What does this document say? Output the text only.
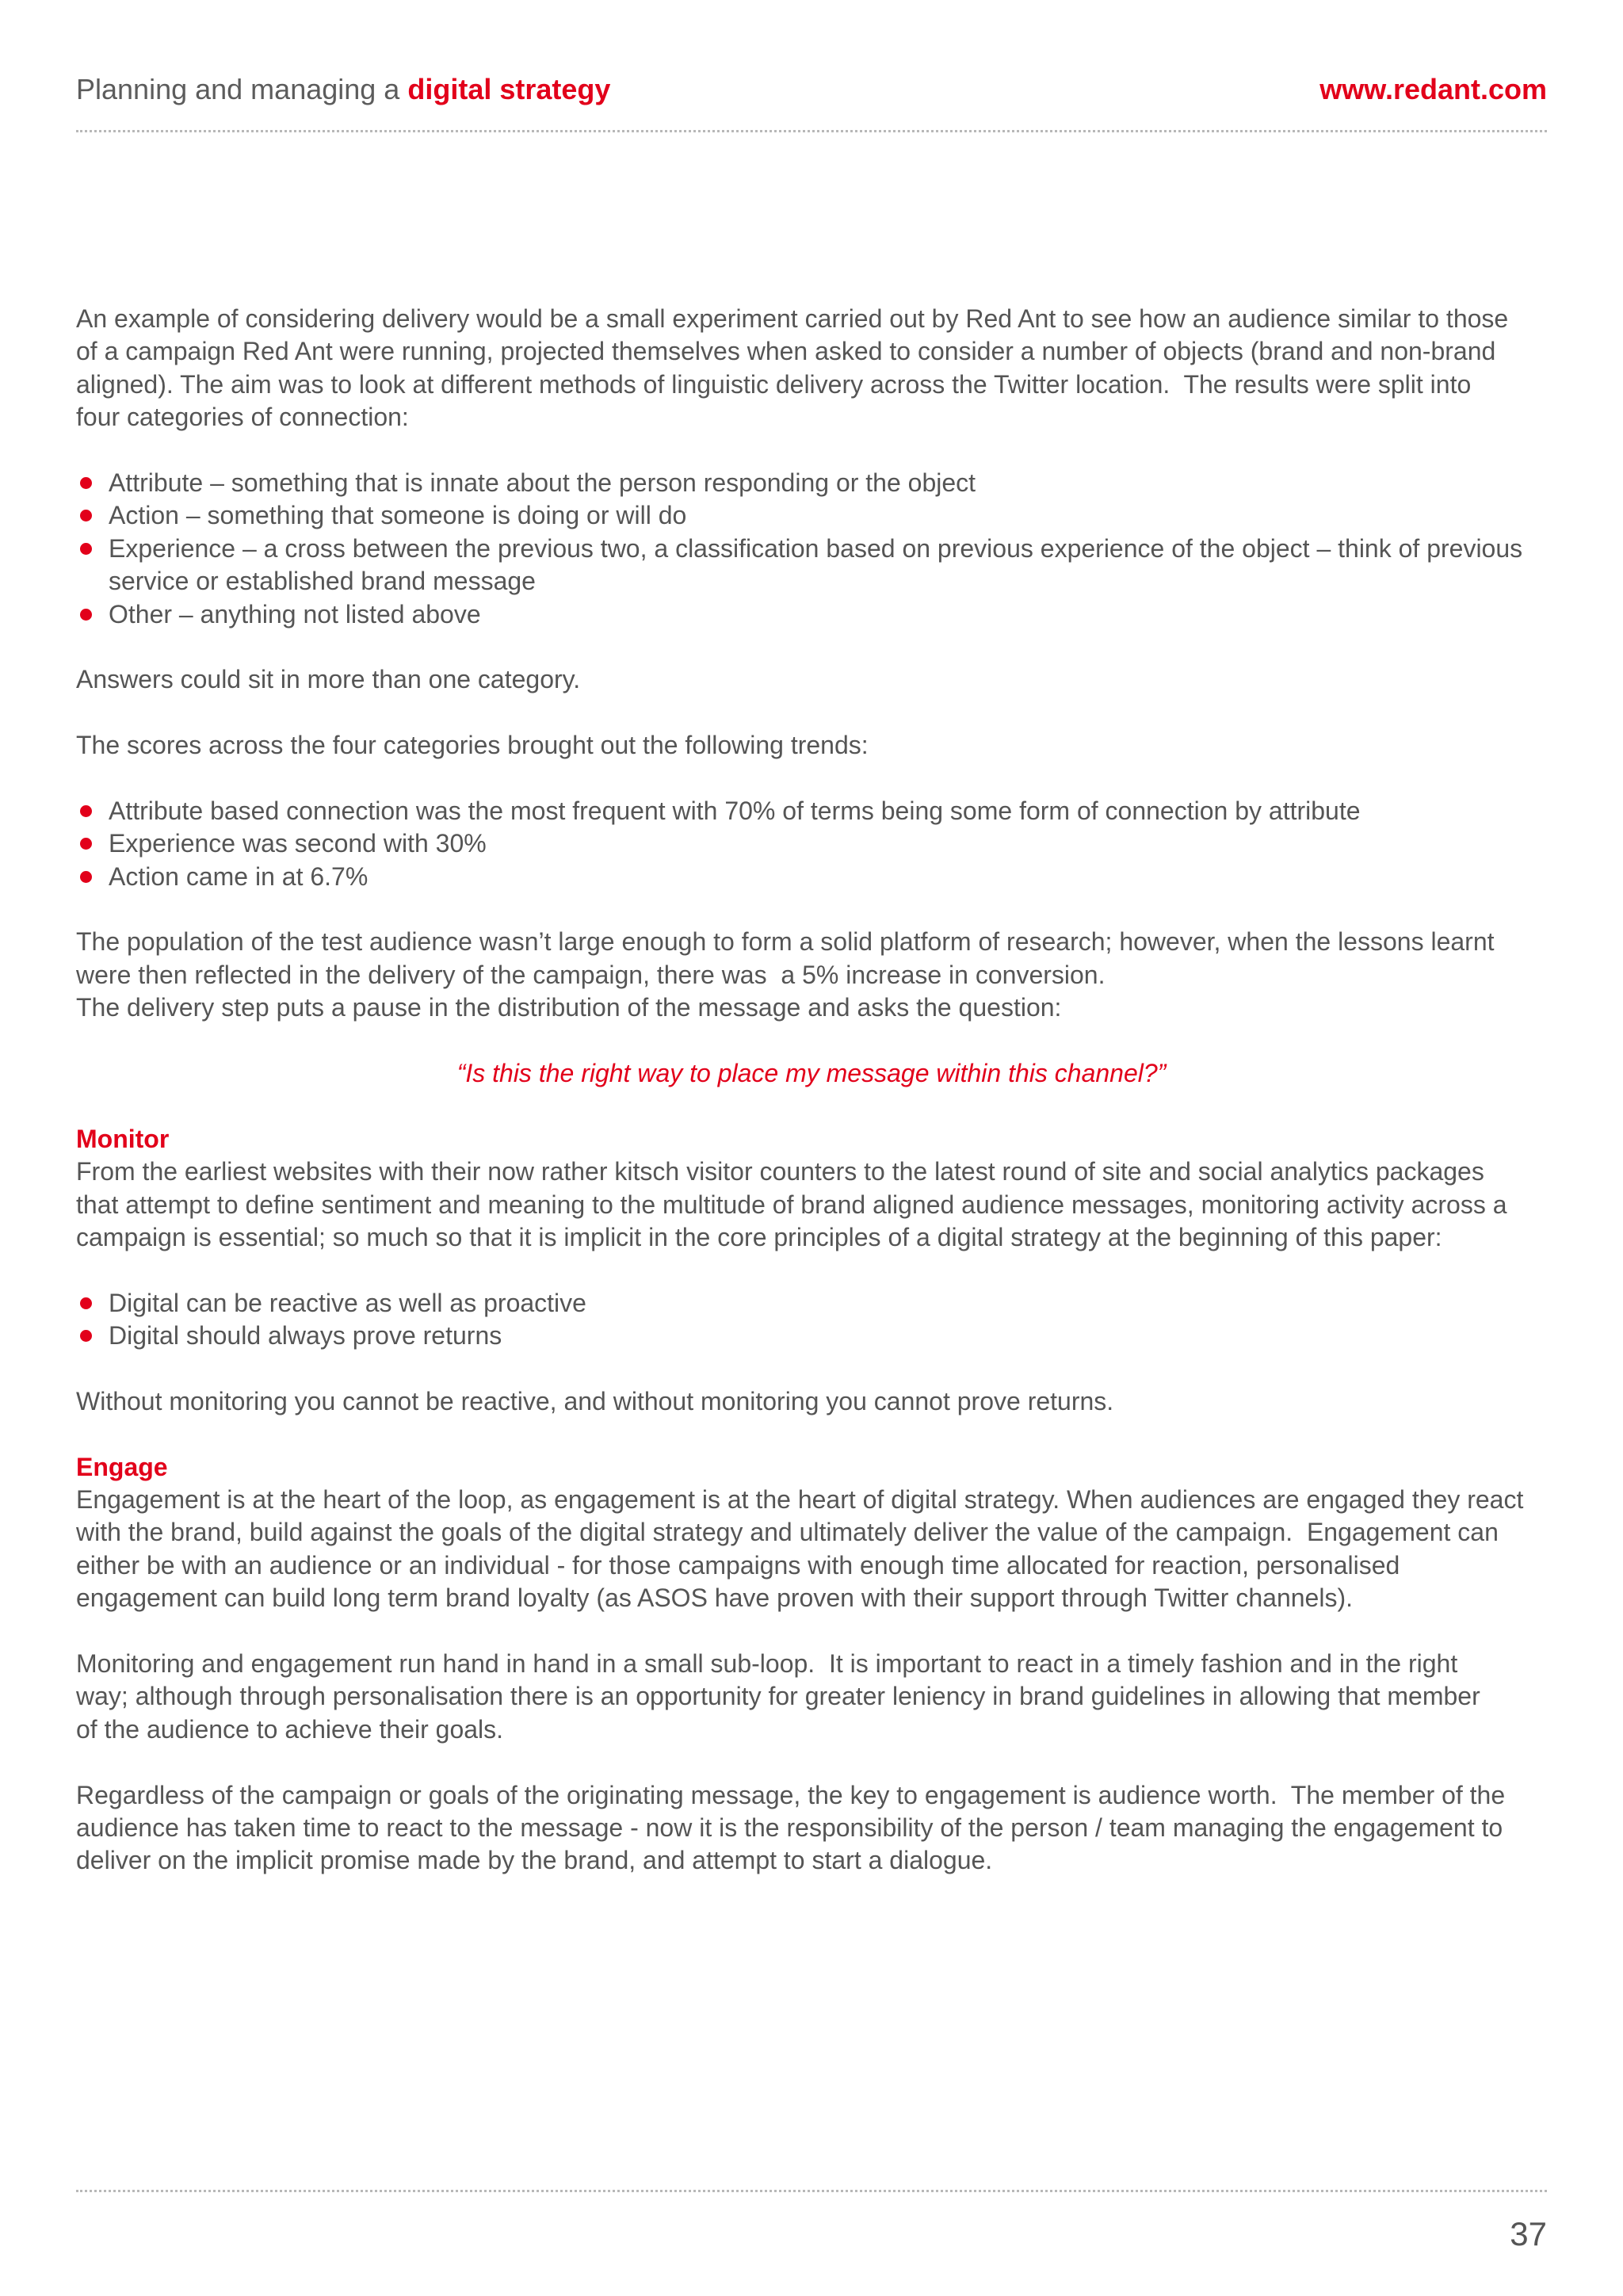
Planning and managing a digital strategy	www.redant.com

An example of considering delivery would be a small experiment carried out by Red Ant to see how an audience similar to those
of a campaign Red Ant were running, projected themselves when asked to consider a number of objects (brand and non-brand
aligned). The aim was to look at different methods of linguistic delivery across the Twitter location.  The results were split into
four categories of connection:

Attribute – something that is innate about the person responding or the object
Action – something that someone is doing or will do
Experience – a cross between the previous two, a classification based on previous experience of the object – think of previous
service or established brand message
Other – anything not listed above

Answers could sit in more than one category.

The scores across the four categories brought out the following trends:

Attribute based connection was the most frequent with 70% of terms being some form of connection by attribute
Experience was second with 30%
Action came in at 6.7%

The population of the test audience wasn’t large enough to form a solid platform of research; however, when the lessons learnt
were then reflected in the delivery of the campaign, there was  a 5% increase in conversion.
The delivery step puts a pause in the distribution of the message and asks the question:

“Is this the right way to place my message within this channel?”

Monitor
From the earliest websites with their now rather kitsch visitor counters to the latest round of site and social analytics packages
that attempt to define sentiment and meaning to the multitude of brand aligned audience messages, monitoring activity across a
campaign is essential; so much so that it is implicit in the core principles of a digital strategy at the beginning of this paper:

Digital can be reactive as well as proactive
Digital should always prove returns

Without monitoring you cannot be reactive, and without monitoring you cannot prove returns.

Engage
Engagement is at the heart of the loop, as engagement is at the heart of digital strategy. When audiences are engaged they react
with the brand, build against the goals of the digital strategy and ultimately deliver the value of the campaign.  Engagement can
either be with an audience or an individual - for those campaigns with enough time allocated for reaction, personalised
engagement can build long term brand loyalty (as ASOS have proven with their support through Twitter channels).

Monitoring and engagement run hand in hand in a small sub-loop.  It is important to react in a timely fashion and in the right
way; although through personalisation there is an opportunity for greater leniency in brand guidelines in allowing that member
of the audience to achieve their goals.

Regardless of the campaign or goals of the originating message, the key to engagement is audience worth.  The member of the
audience has taken time to react to the message - now it is the responsibility of the person / team managing the engagement to
deliver on the implicit promise made by the brand, and attempt to start a dialogue.

37
